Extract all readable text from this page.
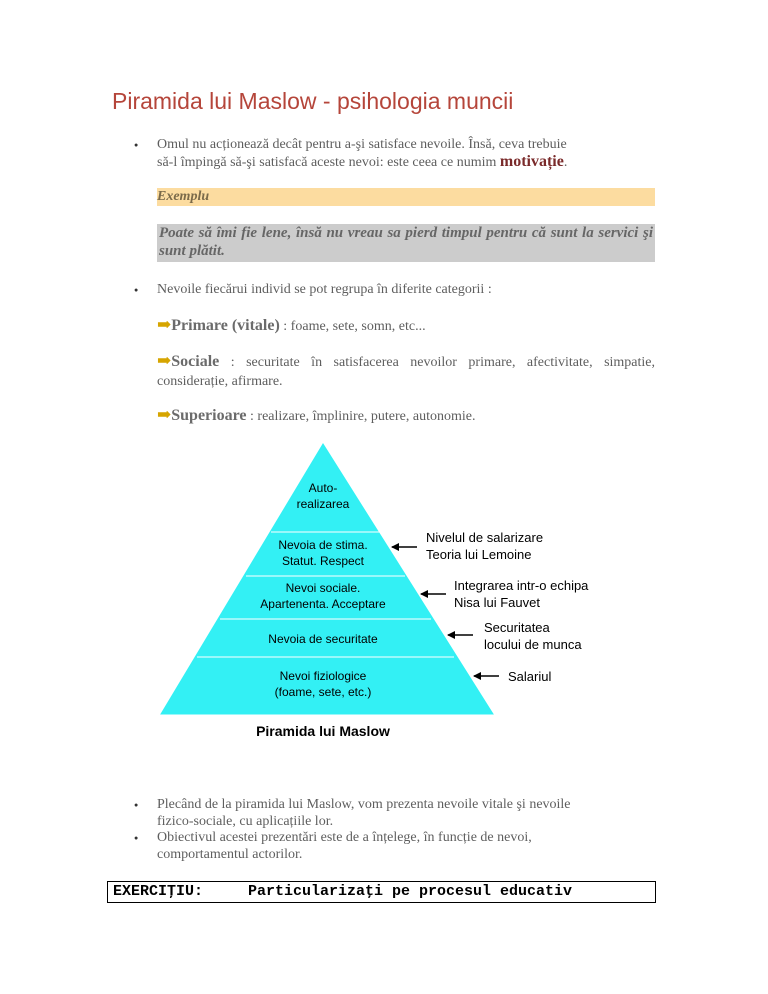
Piramida lui Maslow - psihologia muncii
● Omul nu acționează decât pentru a-şi satisface nevoile. Însă, ceva trebuie
să-l împingă să-şi satisfacă aceste nevoi: este ceea ce numim motivație.
Exemplu
Poate să îmi fie lene, însă nu vreau sa pierd timpul pentru că sunt la servici şi sunt plătit.
● Nevoile fiecărui individ se pot regrupa în diferite categorii :
➡Primare (vitale) : foame, sete, somn, etc...
➡Sociale : securitate în satisfacerea nevoilor primare, afectivitate, simpatie, considerație, afirmare.
➡Superioare : realizare, împlinire, putere, autonomie.
Auto-
realizarea
Nevoia de stima.
Statut. Respect
Nevoi sociale.
Apartenenta. Acceptare
Nevoia de securitate
Nevoi fiziologice
(foame, sete, etc.)
Nivelul de salarizare
Teoria lui Lemoine
Integrarea intr-o echipa
Nisa lui Fauvet
Securitatea
locului de munca
Salariul
Piramida lui Maslow
● Plecând de la piramida lui Maslow, vom prezenta nevoile vitale şi nevoile
fizico-sociale, cu aplicațiile lor.
● Obiectivul acestei prezentări este de a înțelege, în funcție de nevoi,
comportamentul actorilor.
EXERCIŢIU:	Particularizaţi pe procesul educativ
